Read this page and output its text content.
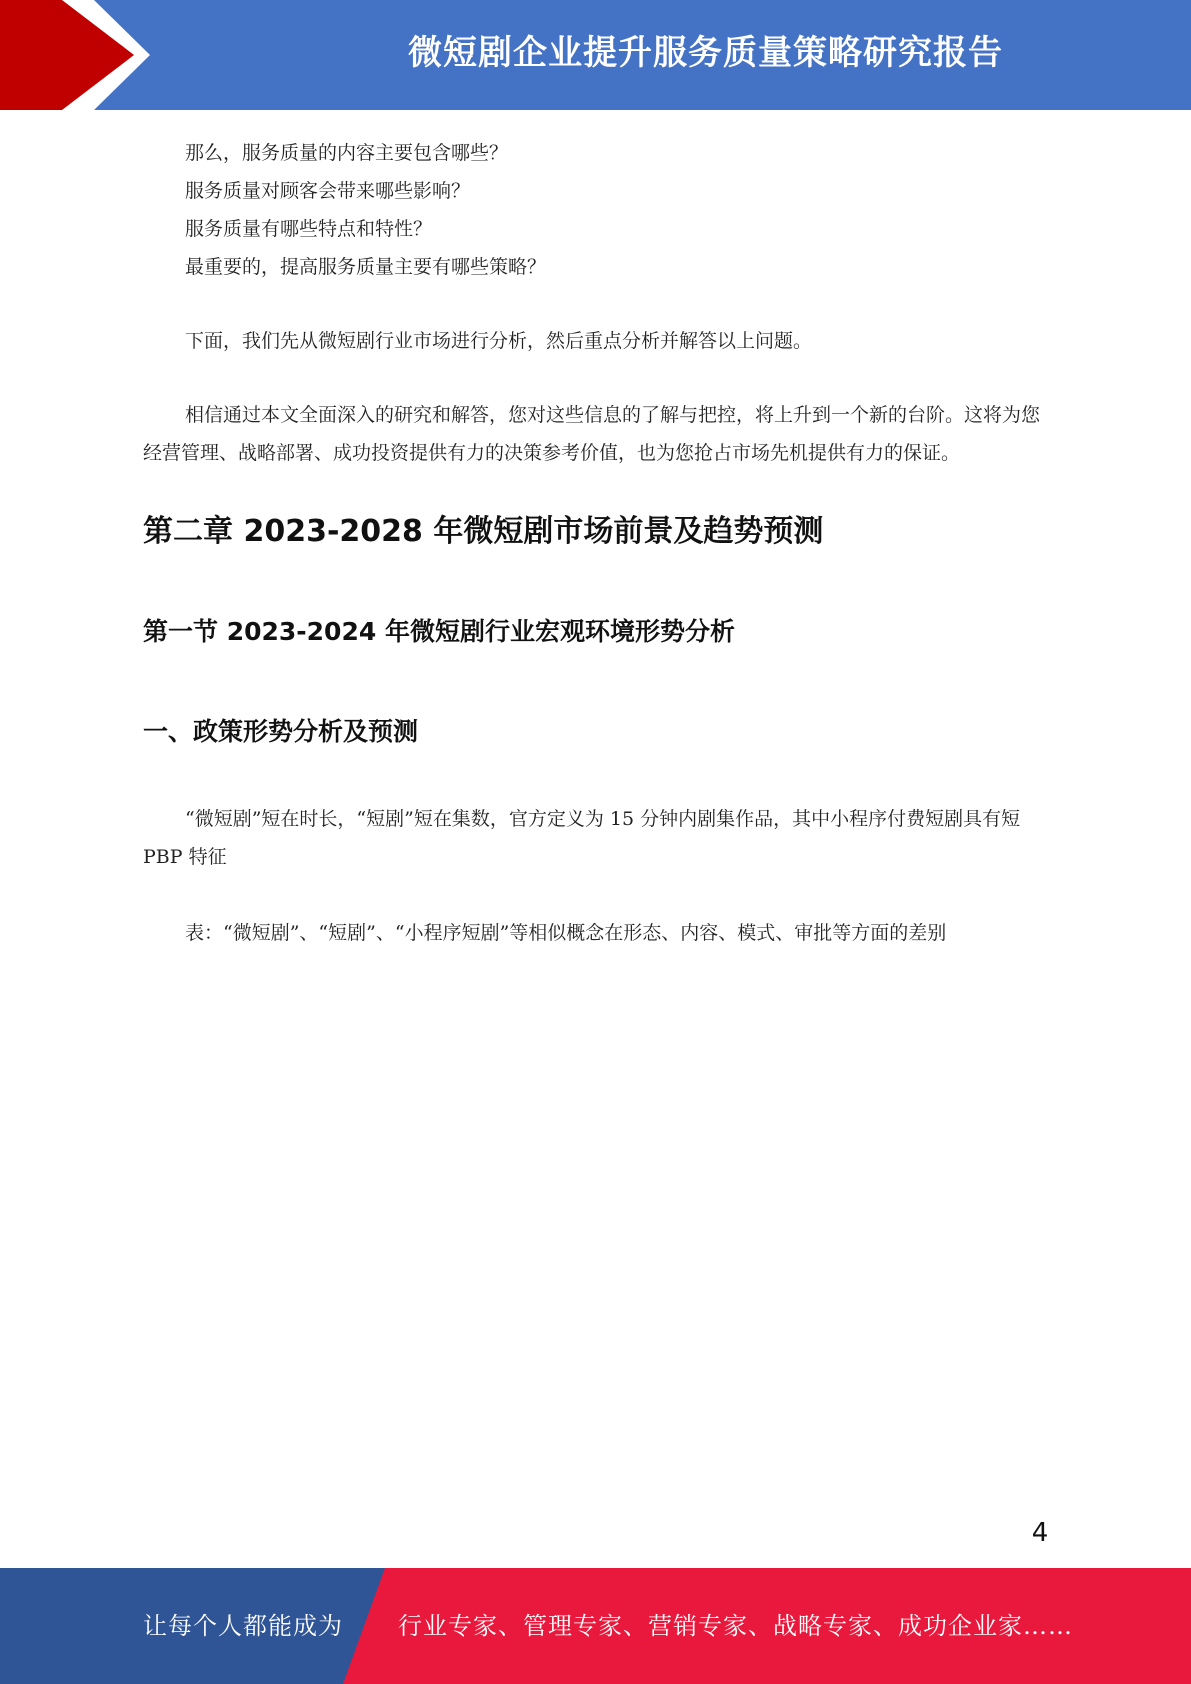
微短剧企业提升服务质量策略研究报告

那么，服务质量的内容主要包含哪些？

服务质量对顾客会带来哪些影响？

服务质量有哪些特点和特性？

最重要的，提高服务质量主要有哪些策略？

下面，我们先从微短剧行业市场进行分析，然后重点分析并解答以上问题。

相信通过本文全面深入的研究和解答，您对这些信息的了解与把控，将上升到一个新的台阶。这将为您经营管理、战略部署、成功投资提供有力的决策参考价值，也为您抢占市场先机提供有力的保证。

第二章 2023-2028 年微短剧市场前景及趋势预测
第一节 2023-2024 年微短剧行业宏观环境形势分析
一、政策形势分析及预测

“微短剧”短在时长，“短剧”短在集数，官方定义为 15 分钟内剧集作品，其中小程序付费短剧具有短 PBP 特征

表：“微短剧”、“短剧”、“小程序短剧”等相似概念在形态、内容、模式、审批等方面的差别

4
让每个人都能成为 行业专家、管理专家、营销专家、战略专家、成功企业家……
